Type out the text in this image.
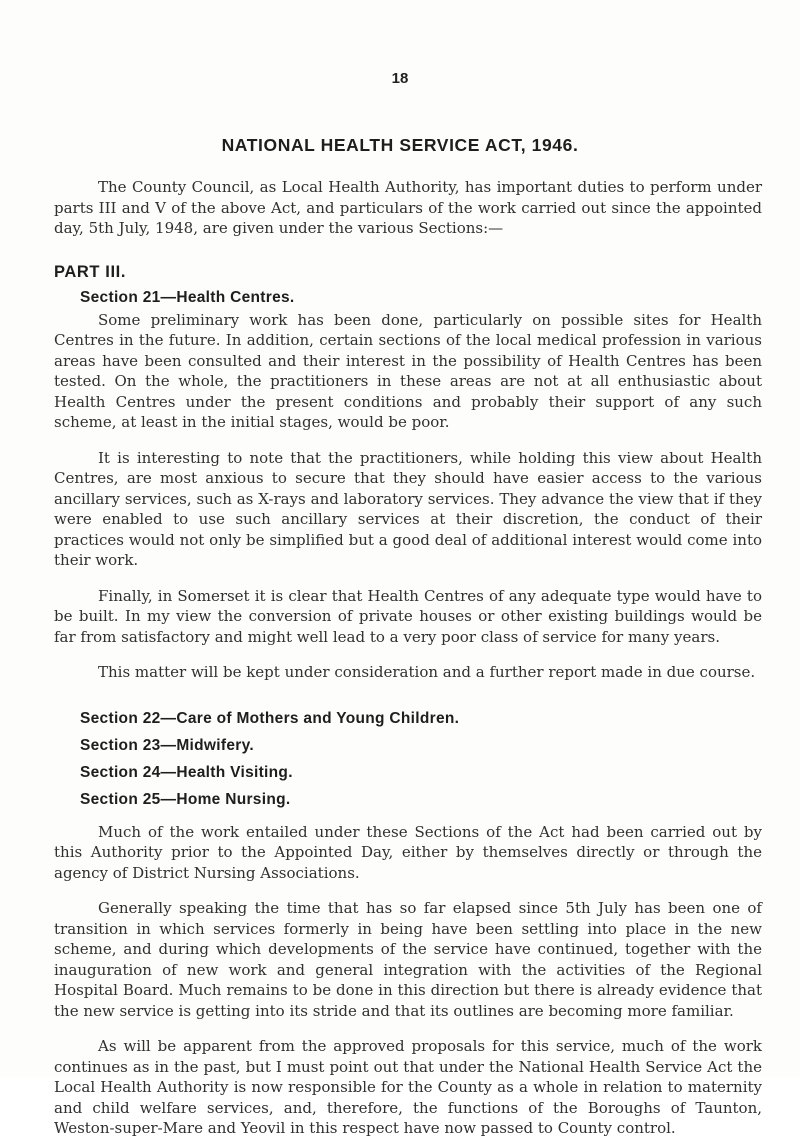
18
NATIONAL HEALTH SERVICE ACT, 1946.

The County Council, as Local Health Authority, has important duties to perform under parts III and V of the above Act, and particulars of the work carried out since the appointed day, 5th July, 1948, are given under the various Sections:—

PART III.
Section 21—Health Centres.

Some preliminary work has been done, particularly on possible sites for Health Centres in the future. In addition, certain sections of the local medical profession in various areas have been consulted and their interest in the possibility of Health Centres has been tested. On the whole, the practitioners in these areas are not at all enthusiastic about Health Centres under the present conditions and probably their support of any such scheme, at least in the initial stages, would be poor.

It is interesting to note that the practitioners, while holding this view about Health Centres, are most anxious to secure that they should have easier access to the various ancillary services, such as X-rays and laboratory services. They advance the view that if they were enabled to use such ancillary services at their discretion, the conduct of their practices would not only be simplified but a good deal of additional interest would come into their work.

Finally, in Somerset it is clear that Health Centres of any adequate type would have to be built. In my view the conversion of private houses or other existing buildings would be far from satisfactory and might well lead to a very poor class of service for many years.

This matter will be kept under consideration and a further report made in due course.

Section 22—Care of Mothers and Young Children.
Section 23—Midwifery.
Section 24—Health Visiting.
Section 25—Home Nursing.

Much of the work entailed under these Sections of the Act had been carried out by this Authority prior to the Appointed Day, either by themselves directly or through the agency of District Nursing Associations.

Generally speaking the time that has so far elapsed since 5th July has been one of transition in which services formerly in being have been settling into place in the new scheme, and during which developments of the service have continued, together with the inauguration of new work and general integration with the activities of the Regional Hospital Board. Much remains to be done in this direction but there is already evidence that the new service is getting into its stride and that its outlines are becoming more familiar.

As will be apparent from the approved proposals for this service, much of the work continues as in the past, but I must point out that under the National Health Service Act the Local Health Authority is now responsible for the County as a whole in relation to maternity and child welfare services, and, therefore, the functions of the Boroughs of Taunton, Weston-super-Mare and Yeovil in this respect have now passed to County control.
